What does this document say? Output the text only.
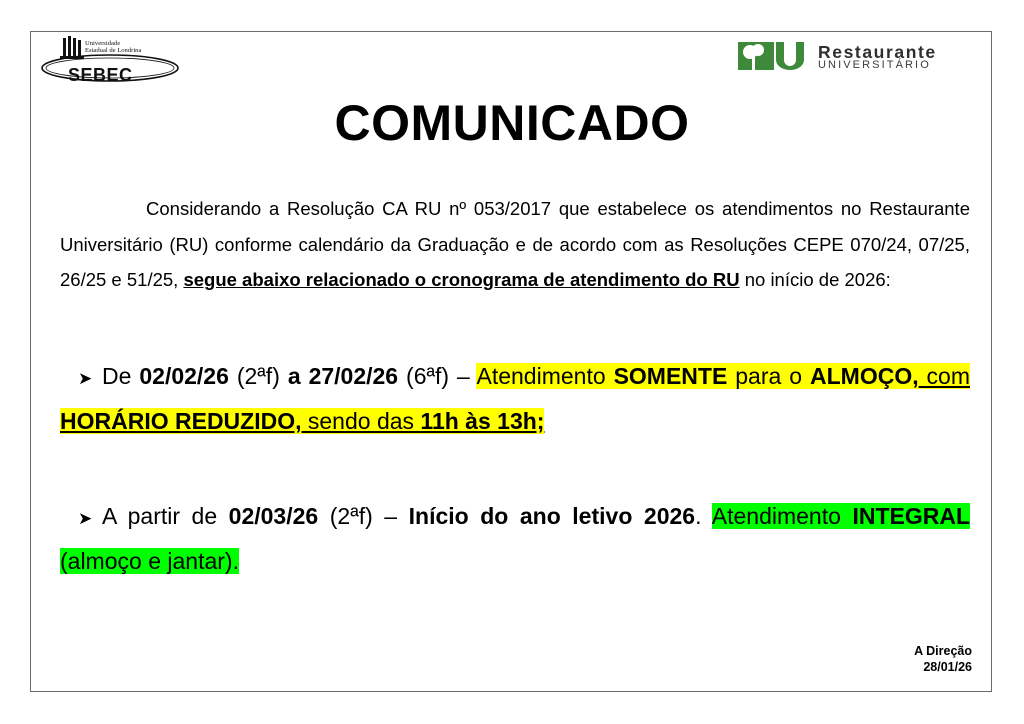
Universidade
Estadual de Londrina
SEBEC
Restaurante
UNIVERSITÁRIO
COMUNICADO
Considerando a Resolução CA RU nº 053/2017 que estabelece os atendimentos no Restaurante Universitário (RU) conforme calendário da Graduação e de acordo com as Resoluções CEPE 070/24, 07/25, 26/25 e 51/25, segue abaixo relacionado o cronograma de atendimento do RU no início de 2026:
➤ De 02/02/26 (2ªf) a 27/02/26 (6ªf) – Atendimento SOMENTE para o ALMOÇO, com HORÁRIO REDUZIDO, sendo das 11h às 13h;
➤ A partir de 02/03/26 (2ªf) – Início do ano letivo 2026. Atendimento INTEGRAL (almoço e jantar).
A Direção
28/01/26
